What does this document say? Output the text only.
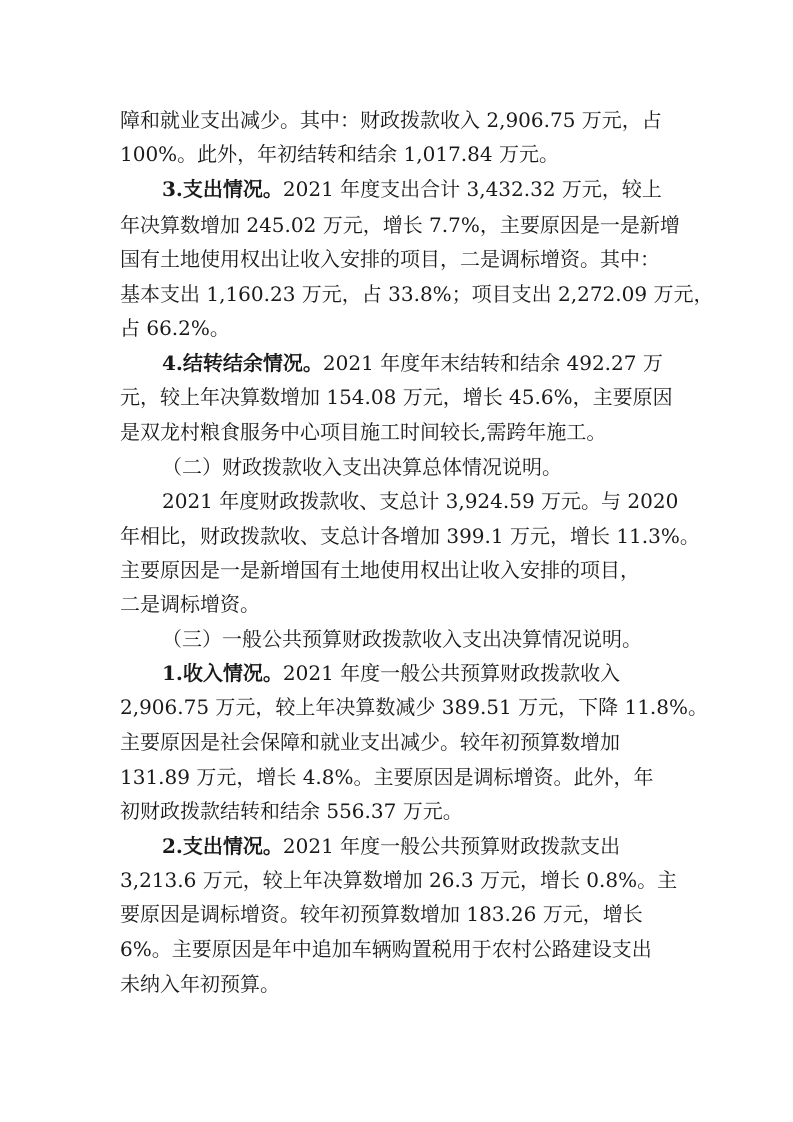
障和就业支出减少。其中：财政拨款收入 2,906.75 万元，占
100%。此外，年初结转和结余 1,017.84 万元。
3.支出情况。2021 年度支出合计 3,432.32 万元，较上
年决算数增加 245.02 万元，增长 7.7%，主要原因是一是新增
国有土地使用权出让收入安排的项目，二是调标增资。其中：
基本支出 1,160.23 万元，占 33.8%；项目支出 2,272.09 万元，
占 66.2%。
4.结转结余情况。2021 年度年末结转和结余 492.27 万
元，较上年决算数增加 154.08 万元，增长 45.6%，主要原因
是双龙村粮食服务中心项目施工时间较长,需跨年施工。
（二）财政拨款收入支出决算总体情况说明。
2021 年度财政拨款收、支总计 3,924.59 万元。与 2020
年相比，财政拨款收、支总计各增加 399.1 万元，增长 11.3%。
主要原因是一是新增国有土地使用权出让收入安排的项目，
二是调标增资。
（三）一般公共预算财政拨款收入支出决算情况说明。
1.收入情况。2021 年度一般公共预算财政拨款收入
2,906.75 万元，较上年决算数减少 389.51 万元，下降 11.8%。
主要原因是社会保障和就业支出减少。较年初预算数增加
131.89 万元，增长 4.8%。主要原因是调标增资。此外，年
初财政拨款结转和结余 556.37 万元。
2.支出情况。2021 年度一般公共预算财政拨款支出
3,213.6 万元，较上年决算数增加 26.3 万元，增长 0.8%。主
要原因是调标增资。较年初预算数增加 183.26 万元，增长
6%。主要原因是年中追加车辆购置税用于农村公路建设支出
未纳入年初预算。
